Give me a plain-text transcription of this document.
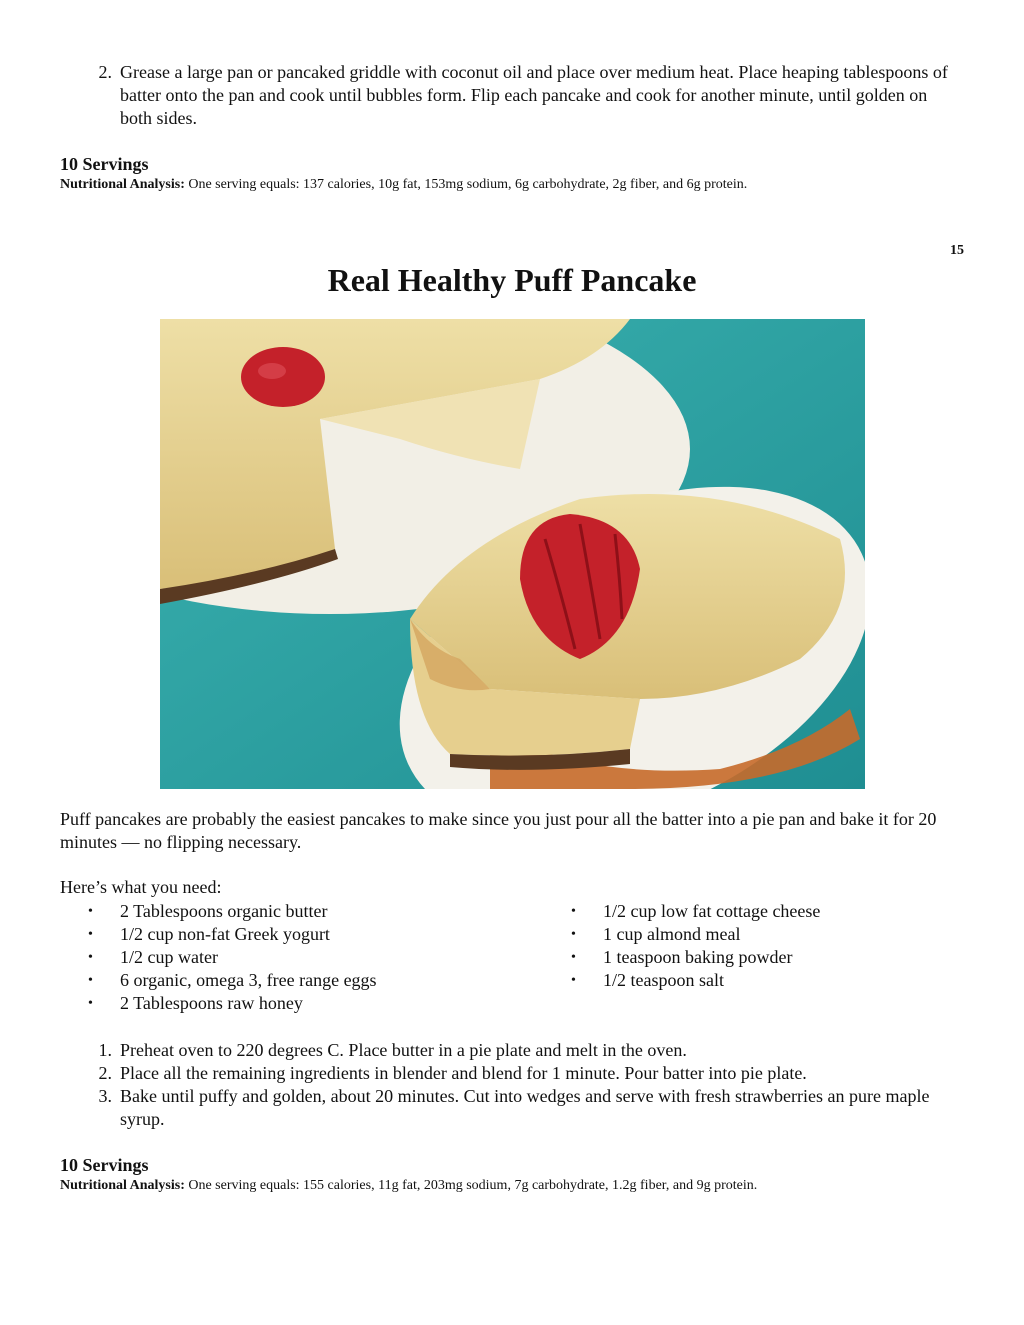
2. Grease a large pan or pancaked griddle with coconut oil and place over medium heat. Place heaping tablespoons of batter onto the pan and cook until bubbles form. Flip each pancake and cook for another minute, until golden on both sides.
10 Servings
Nutritional Analysis: One serving equals: 137 calories, 10g fat, 153mg sodium, 6g carbohydrate, 2g fiber, and 6g protein.
15
Real Healthy Puff Pancake

Puff pancakes are probably the easiest pancakes to make since you just pour all the batter into a pie pan and bake it for 20 minutes — no flipping necessary.

Here’s what you need:
• 2 Tablespoons organic butter
• 1/2 cup non-fat Greek yogurt
• 1/2 cup water
• 6 organic, omega 3, free range eggs
• 2 Tablespoons raw honey
• 1/2 cup low fat cottage cheese
• 1 cup almond meal
• 1 teaspoon baking powder
• 1/2 teaspoon salt
1. Preheat oven to 220 degrees C. Place butter in a pie plate and melt in the oven.
2. Place all the remaining ingredients in blender and blend for 1 minute. Pour batter into pie plate.
3. Bake until puffy and golden, about 20 minutes. Cut into wedges and serve with fresh strawberries an pure maple syrup.
10 Servings
Nutritional Analysis: One serving equals: 155 calories, 11g fat, 203mg sodium, 7g carbohydrate, 1.2g fiber, and 9g protein.
